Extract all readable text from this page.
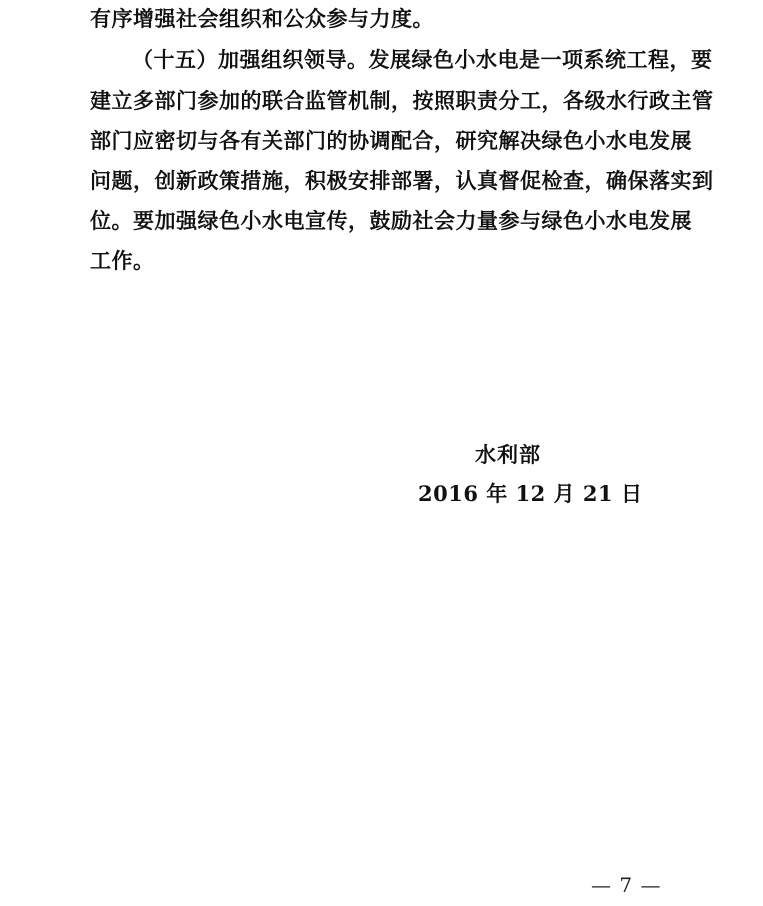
有序增强社会组织和公众参与力度。
（十五）加强组织领导。发展绿色小水电是一项系统工程，要
建立多部门参加的联合监管机制，按照职责分工，各级水行政主管
部门应密切与各有关部门的协调配合，研究解决绿色小水电发展
问题，创新政策措施，积极安排部署，认真督促检查，确保落实到
位。要加强绿色小水电宣传，鼓励社会力量参与绿色小水电发展
工作。
水利部
2016 年 12 月 21 日
— 7 —
